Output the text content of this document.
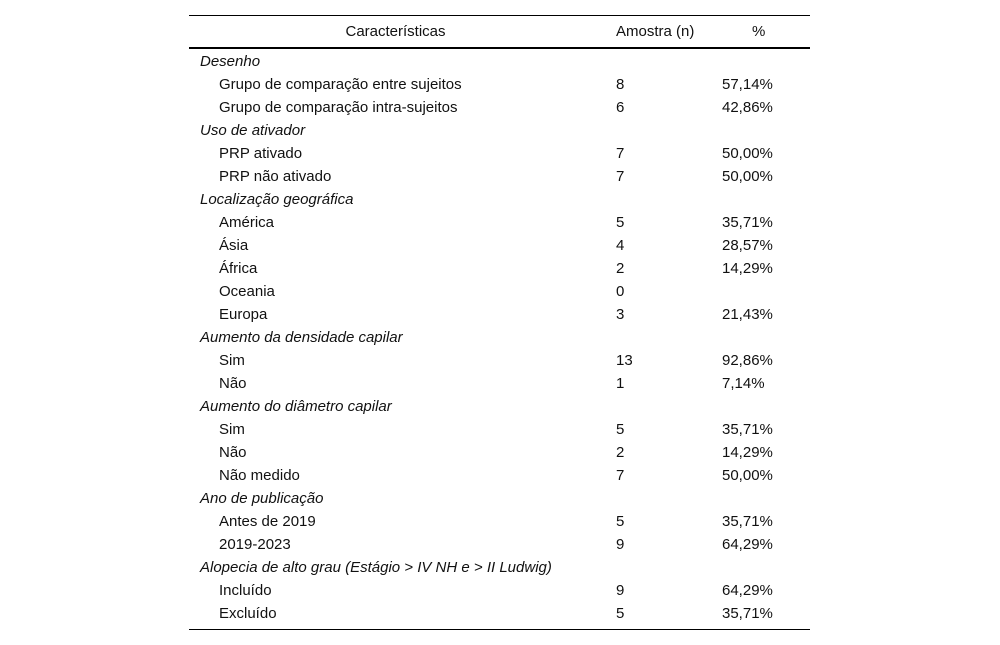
Características	Amostra (n)	%
Desenho
Grupo de comparação entre sujeitos	8	57,14%
Grupo de comparação intra-sujeitos	6	42,86%
Uso de ativador
PRP ativado	7	50,00%
PRP não ativado	7	50,00%
Localização geográfica
América	5	35,71%
Ásia	4	28,57%
África	2	14,29%
Oceania	0
Europa	3	21,43%
Aumento da densidade capilar
Sim	13	92,86%
Não	1	7,14%
Aumento do diâmetro capilar
Sim	5	35,71%
Não	2	14,29%
Não medido	7	50,00%
Ano de publicação
Antes de 2019	5	35,71%
2019-2023	9	64,29%
Alopecia de alto grau (Estágio > IV NH e > II Ludwig)
Incluído	9	64,29%
Excluído	5	35,71%
